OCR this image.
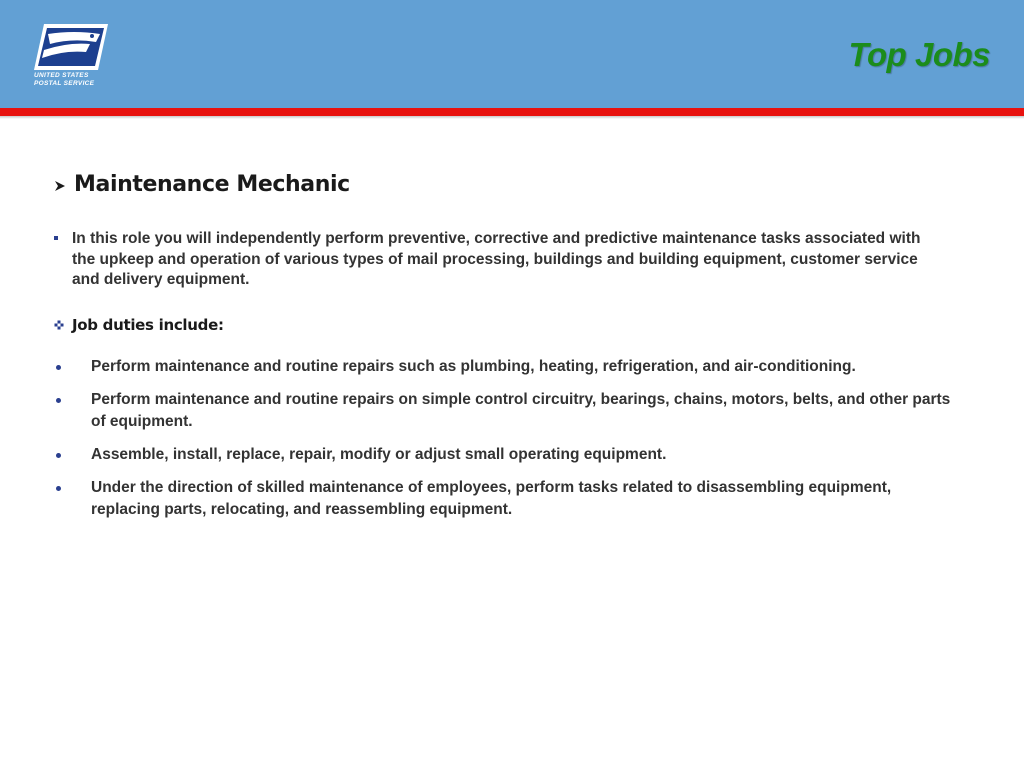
UNITED STATES
POSTAL SERVICE
Top Jobs
Maintenance Mechanic
In this role you will independently perform preventive, corrective and predictive maintenance tasks associated with the upkeep and operation of various types of mail processing, buildings and building equipment, customer service and delivery equipment.
Job duties include:
Perform maintenance and routine repairs such as plumbing, heating, refrigeration, and air-conditioning.
Perform maintenance and routine repairs on simple control circuitry, bearings, chains, motors, belts, and other parts of equipment.
Assemble, install, replace, repair, modify or adjust small operating equipment.
Under the direction of skilled maintenance of employees, perform tasks related to disassembling equipment, replacing parts, relocating, and reassembling equipment.
